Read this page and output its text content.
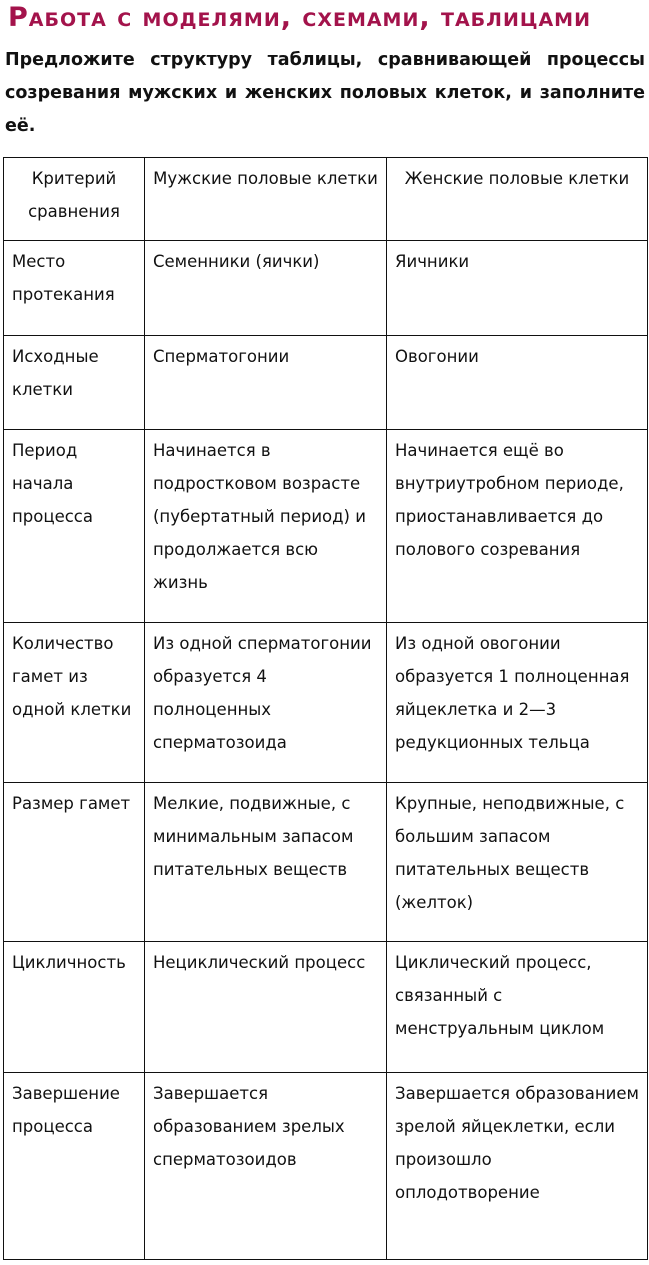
Работа с моделями, схемами, таблицами
Предложите структуру таблицы, сравнивающей процессы созревания мужских и женских половых клеток, и заполните её.
Критерий сравнения	Мужские половые клетки	Женские половые клетки
Место протекания	Семенники (яички)	Яичники
Исходные клетки	Сперматогонии	Овогонии
Период начала процесса	Начинается в подростковом возрасте (пубертатный период) и продолжается всю жизнь	Начинается ещё во внутриутробном периоде, приостанавливается до полового созревания
Количество гамет из одной клетки	Из одной сперматогонии образуется 4 полноценных сперматозоида	Из одной овогонии образуется 1 полноценная яйцеклетка и 2—3 редукционных тельца
Размер гамет	Мелкие, подвижные, с минимальным запасом питательных веществ	Крупные, неподвижные, с большим запасом питательных веществ (желток)
Цикличность	Нециклический процесс	Циклический процесс, связанный с менструальным циклом
Завершение процесса	Завершается образованием зрелых сперматозоидов	Завершается образованием зрелой яйцеклетки, если произошло оплодотворение
